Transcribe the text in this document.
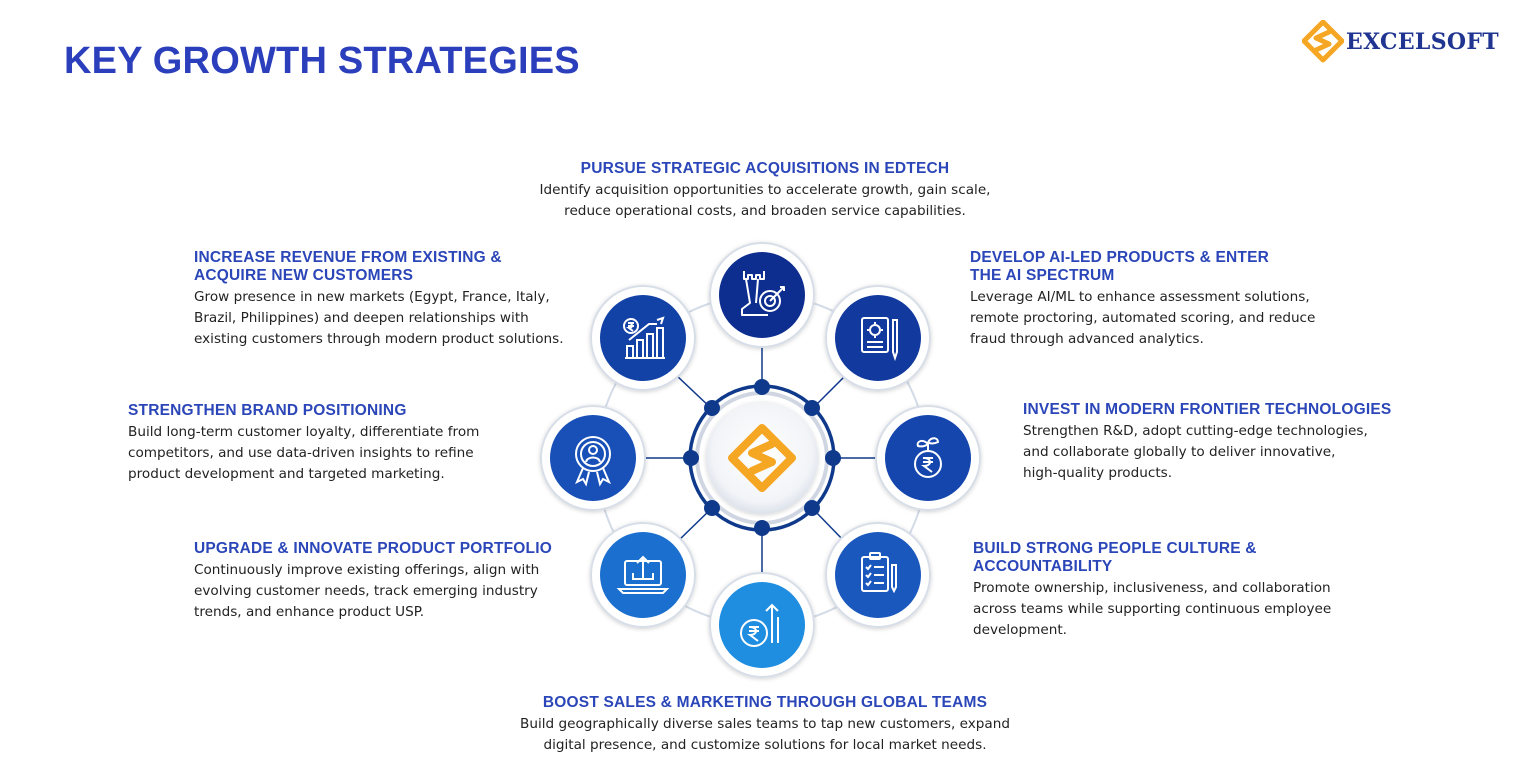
KEY GROWTH STRATEGIES	EXCELSOFT
PURSUE STRATEGIC ACQUISITIONS IN EDTECH
Identify acquisition opportunities to accelerate growth, gain scale,
reduce operational costs, and broaden service capabilities.
DEVELOP AI-LED PRODUCTS & ENTER
THE AI SPECTRUM
Leverage AI/ML to enhance assessment solutions,
remote proctoring, automated scoring, and reduce
fraud through advanced analytics.
INVEST IN MODERN FRONTIER TECHNOLOGIES
Strengthen R&D, adopt cutting-edge technologies,
and collaborate globally to deliver innovative,
high-quality products.
BUILD STRONG PEOPLE CULTURE &
ACCOUNTABILITY
Promote ownership, inclusiveness, and collaboration
across teams while supporting continuous employee
development.
BOOST SALES & MARKETING THROUGH GLOBAL TEAMS
Build geographically diverse sales teams to tap new customers, expand
digital presence, and customize solutions for local market needs.
UPGRADE & INNOVATE PRODUCT PORTFOLIO
Continuously improve existing offerings, align with
evolving customer needs, track emerging industry
trends, and enhance product USP.
STRENGTHEN BRAND POSITIONING
Build long-term customer loyalty, differentiate from
competitors, and use data-driven insights to refine
product development and targeted marketing.
INCREASE REVENUE FROM EXISTING &
ACQUIRE NEW CUSTOMERS
Grow presence in new markets (Egypt, France, Italy,
Brazil, Philippines) and deepen relationships with
existing customers through modern product solutions.
